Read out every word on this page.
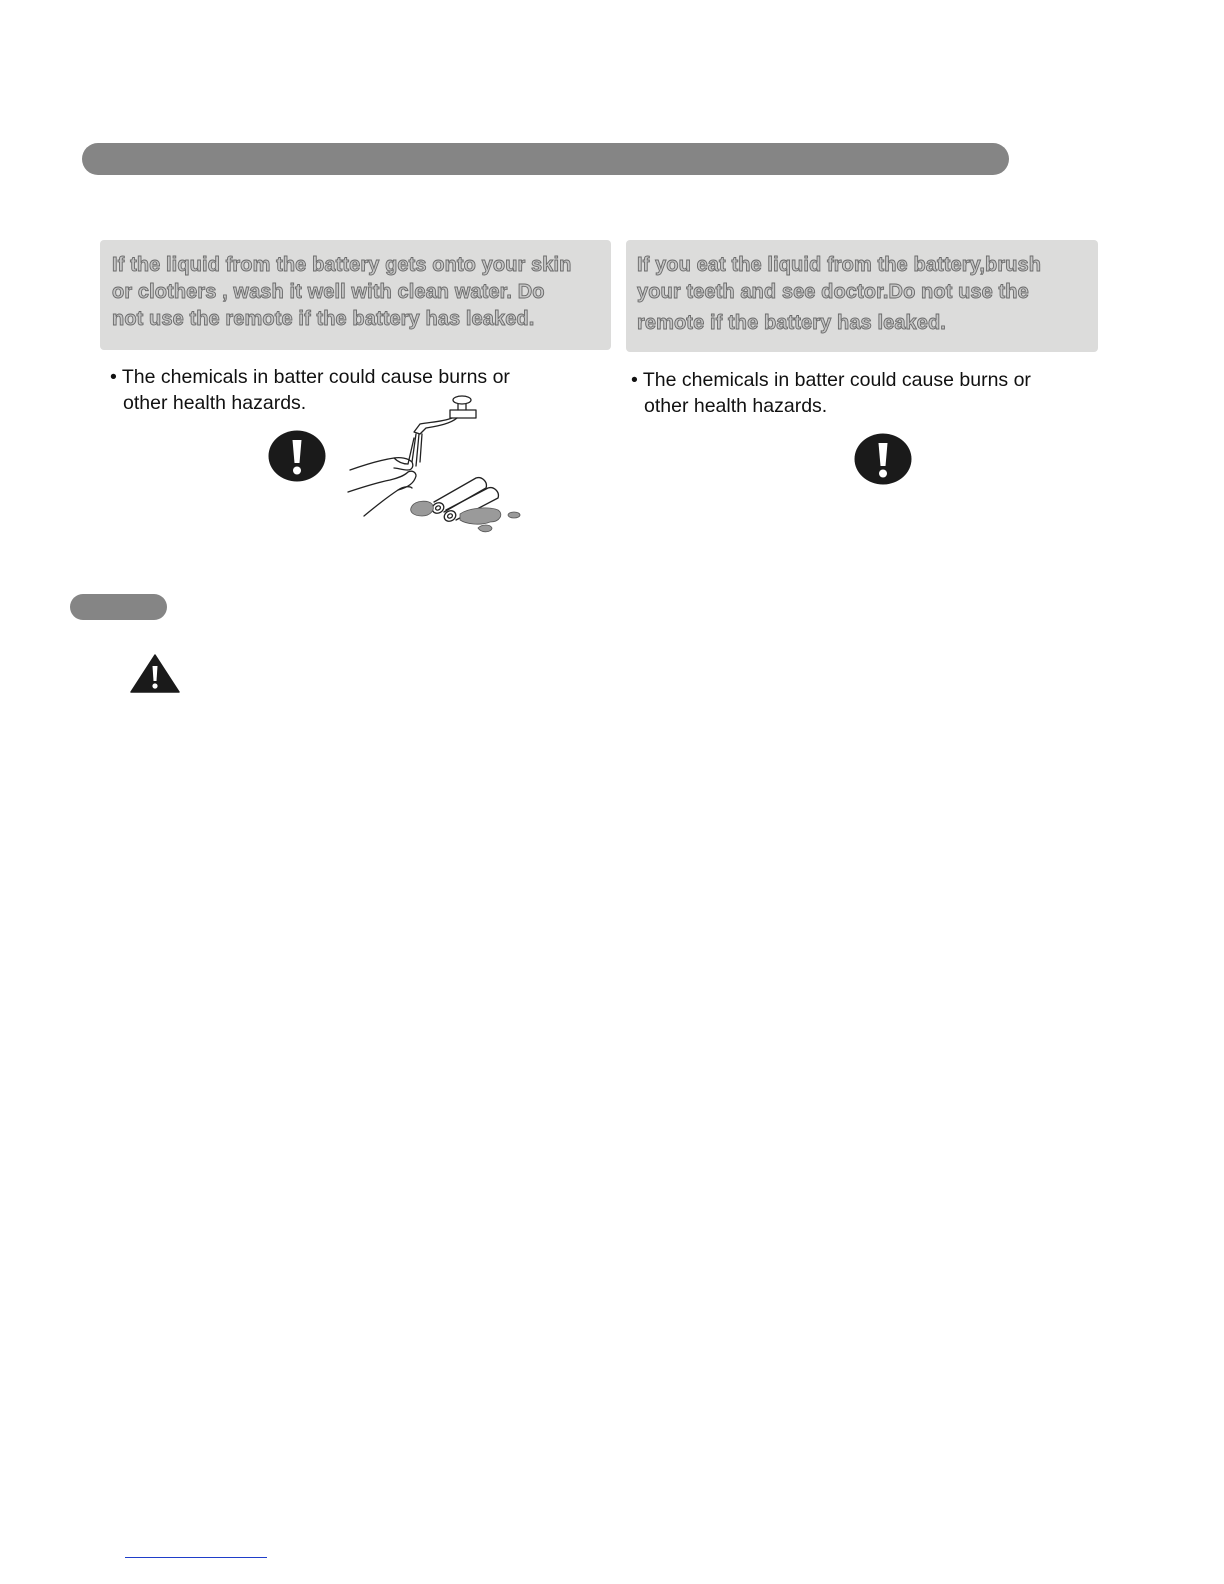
If the liquid from the battery gets onto your skin
or clothers , wash it well with clean water. Do
not use the remote if the battery has leaked.
If you eat the liquid from the battery,brush
your teeth and see doctor.Do not use the
remote if the battery has leaked.
• The chemicals in batter could cause burns or
other health hazards.
• The chemicals in batter could cause burns or
other health hazards.
